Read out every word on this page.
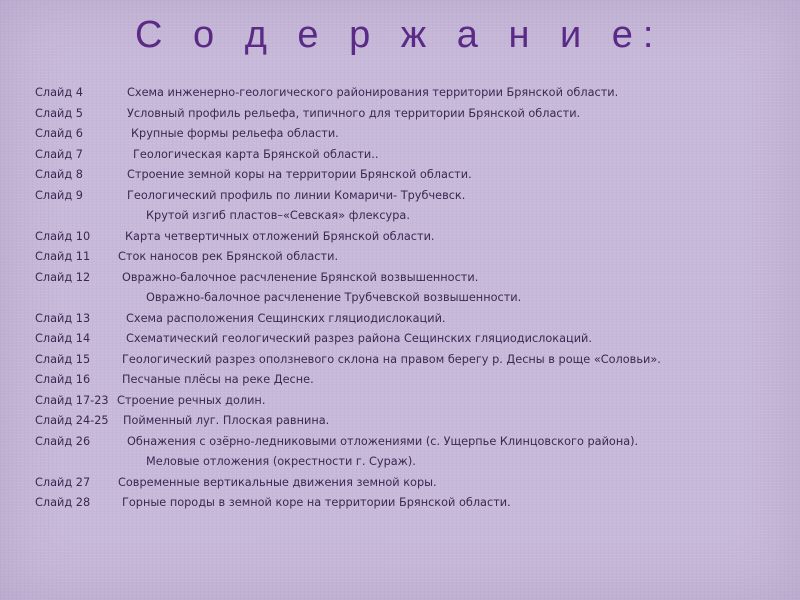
С о д е р ж а н и е:
Слайд 4	Схема инженерно-геологического районирования территории Брянской области.
Слайд 5	Условный профиль рельефа, типичного для территории Брянской области.
Слайд 6	Крупные формы рельефа области.
Слайд 7	Геологическая карта Брянской области..
Слайд 8	Строение земной коры на территории Брянской области.
Слайд 9	Геологический профиль по линии Комаричи- Трубчевск.
Крутой изгиб пластов–«Севская» флексура.
Слайд 10	Карта четвертичных отложений Брянской области.
Слайд 11 Сток наносов рек Брянской области.
Слайд 12	Овражно-балочное расчленение Брянской возвышенности.
Овражно-балочное расчленение Трубчевской возвышенности.
Слайд 13	Схема расположения Сещинских гляциодислокаций.
Слайд 14	Схематический геологический разрез района Сещинских гляциодислокаций.
Слайд 15	Геологический разрез оползневого склона на правом берегу р. Десны в роще «Соловьи».
Слайд 16	Песчаные плёсы на реке Десне.
Слайд 17-23 Строение речных долин.
Слайд 24-25 Пойменный луг. Плоская равнина.
Слайд 26	Обнажения с озёрно-ледниковыми отложениями (с. Ущерпье Клинцовского района).
Меловые отложения (окрестности г. Сураж).
Слайд 27 Современные вертикальные движения земной коры.
Слайд 28	Горные породы в земной коре на территории Брянской области.
